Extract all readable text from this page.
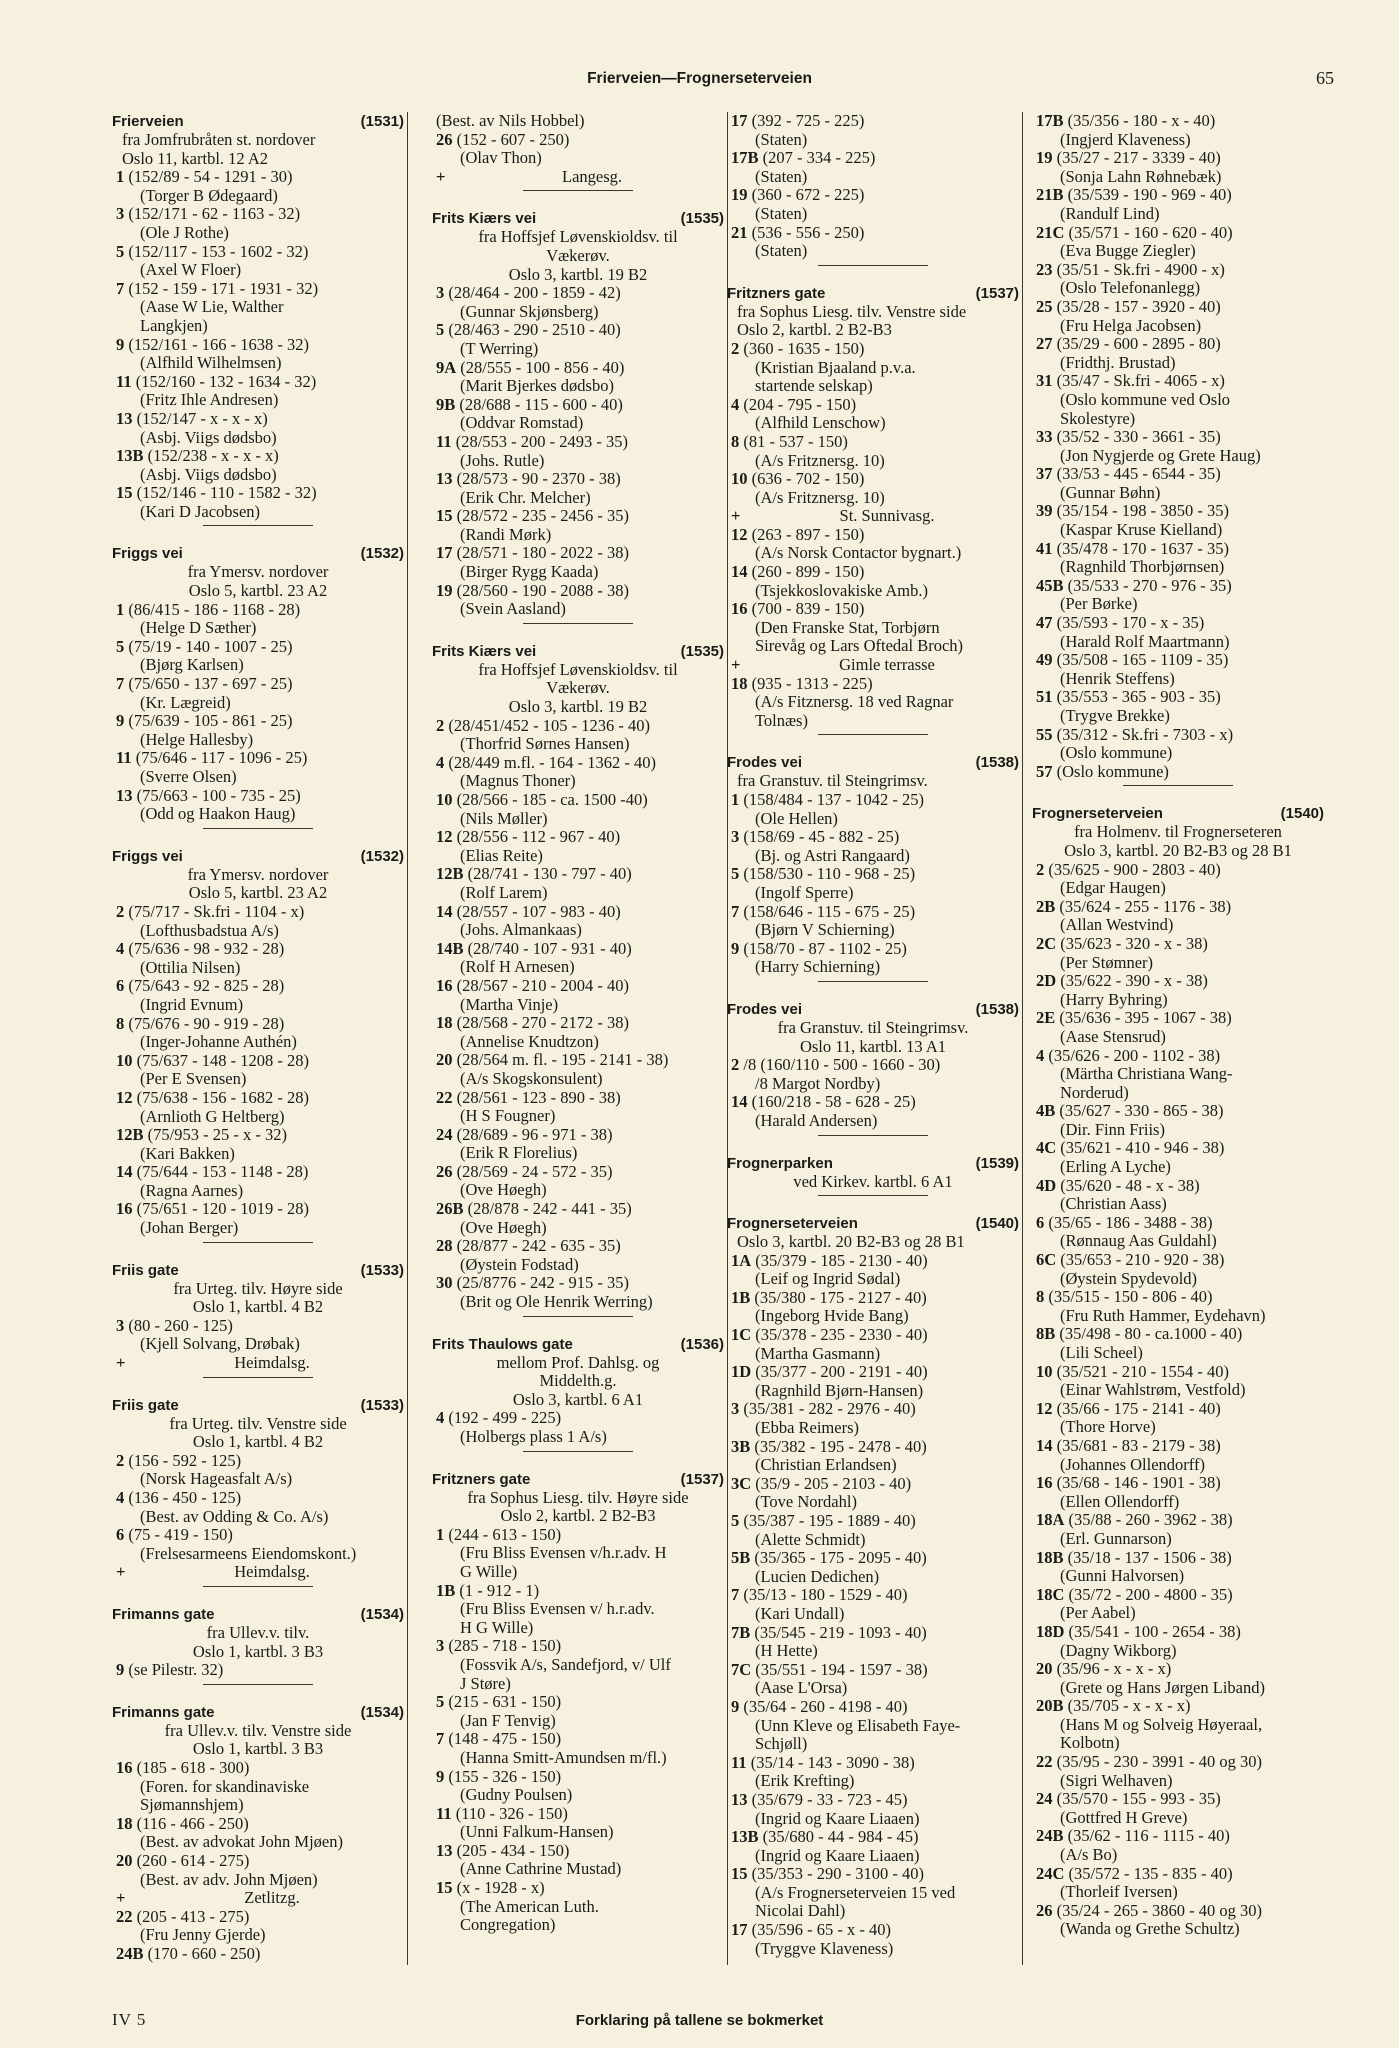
Frierveien—Frognerseterveien	65
Frierveien	(1531)
fra Jomfrubråten st. nordover
Oslo 11, kartbl. 12 A2
1 (152/89 - 54 - 1291 - 30)
(Torger B Ødegaard)
3 (152/171 - 62 - 1163 - 32)
(Ole J Rothe)
5 (152/117 - 153 - 1602 - 32)
(Axel W Floer)
7 (152 - 159 - 171 - 1931 - 32)
(Aase W Lie, Walther
Langkjen)
9 (152/161 - 166 - 1638 - 32)
(Alfhild Wilhelmsen)
11 (152/160 - 132 - 1634 - 32)
(Fritz Ihle Andresen)
13 (152/147 - x - x - x)
(Asbj. Viigs dødsbo)
13B (152/238 - x - x - x)
(Asbj. Viigs dødsbo)
15 (152/146 - 110 - 1582 - 32)
(Kari D Jacobsen)
Friggs vei	(1532)
fra Ymersv. nordover
Oslo 5, kartbl. 23 A2
1 (86/415 - 186 - 1168 - 28)
(Helge D Sæther)
5 (75/19 - 140 - 1007 - 25)
(Bjørg Karlsen)
7 (75/650 - 137 - 697 - 25)
(Kr. Lægreid)
9 (75/639 - 105 - 861 - 25)
(Helge Hallesby)
11 (75/646 - 117 - 1096 - 25)
(Sverre Olsen)
13 (75/663 - 100 - 735 - 25)
(Odd og Haakon Haug)
Friggs vei	(1532)
fra Ymersv. nordover
Oslo 5, kartbl. 23 A2
2 (75/717 - Sk.fri - 1104 - x)
(Lofthusbadstua A/s)
4 (75/636 - 98 - 932 - 28)
(Ottilia Nilsen)
6 (75/643 - 92 - 825 - 28)
(Ingrid Evnum)
8 (75/676 - 90 - 919 - 28)
(Inger-Johanne Authén)
10 (75/637 - 148 - 1208 - 28)
(Per E Svensen)
12 (75/638 - 156 - 1682 - 28)
(Arnlioth G Heltberg)
12B (75/953 - 25 - x - 32)
(Kari Bakken)
14 (75/644 - 153 - 1148 - 28)
(Ragna Aarnes)
16 (75/651 - 120 - 1019 - 28)
(Johan Berger)
Friis gate	(1533)
fra Urteg. tilv. Høyre side
Oslo 1, kartbl. 4 B2
3 (80 - 260 - 125)
(Kjell Solvang, Drøbak)
+	Heimdalsg.
Friis gate	(1533)
fra Urteg. tilv. Venstre side
Oslo 1, kartbl. 4 B2
2 (156 - 592 - 125)
(Norsk Hageasfalt A/s)
4 (136 - 450 - 125)
(Best. av Odding & Co. A/s)
6 (75 - 419 - 150)
(Frelsesarmeens Eiendomskont.)
+	Heimdalsg.
Frimanns gate	(1534)
fra Ullev.v. tilv.
Oslo 1, kartbl. 3 B3
9 (se Pilestr. 32)
Frimanns gate	(1534)
fra Ullev.v. tilv. Venstre side
Oslo 1, kartbl. 3 B3
16 (185 - 618 - 300)
(Foren. for skandinaviske
Sjømannshjem)
18 (116 - 466 - 250)
(Best. av advokat John Mjøen)
20 (260 - 614 - 275)
(Best. av adv. John Mjøen)
+	Zetlitzg.
22 (205 - 413 - 275)
(Fru Jenny Gjerde)
24B (170 - 660 - 250)
(Best. av Nils Hobbel)
26 (152 - 607 - 250)
(Olav Thon)
+	Langesg.
Frits Kiærs vei	(1535)
fra Hoffsjef Løvenskioldsv. til
Vækerøv.
Oslo 3, kartbl. 19 B2
3 (28/464 - 200 - 1859 - 42)
(Gunnar Skjønsberg)
5 (28/463 - 290 - 2510 - 40)
(T Werring)
9A (28/555 - 100 - 856 - 40)
(Marit Bjerkes dødsbo)
9B (28/688 - 115 - 600 - 40)
(Oddvar Romstad)
11 (28/553 - 200 - 2493 - 35)
(Johs. Rutle)
13 (28/573 - 90 - 2370 - 38)
(Erik Chr. Melcher)
15 (28/572 - 235 - 2456 - 35)
(Randi Mørk)
17 (28/571 - 180 - 2022 - 38)
(Birger Rygg Kaada)
19 (28/560 - 190 - 2088 - 38)
(Svein Aasland)
Frits Kiærs vei	(1535)
fra Hoffsjef Løvenskioldsv. til
Vækerøv.
Oslo 3, kartbl. 19 B2
2 (28/451/452 - 105 - 1236 - 40)
(Thorfrid Sørnes Hansen)
4 (28/449 m.fl. - 164 - 1362 - 40)
(Magnus Thoner)
10 (28/566 - 185 - ca. 1500 -40)
(Nils Møller)
12 (28/556 - 112 - 967 - 40)
(Elias Reite)
12B (28/741 - 130 - 797 - 40)
(Rolf Larem)
14 (28/557 - 107 - 983 - 40)
(Johs. Almankaas)
14B (28/740 - 107 - 931 - 40)
(Rolf H Arnesen)
16 (28/567 - 210 - 2004 - 40)
(Martha Vinje)
18 (28/568 - 270 - 2172 - 38)
(Annelise Knudtzon)
20 (28/564 m. fl. - 195 - 2141 - 38)
(A/s Skogskonsulent)
22 (28/561 - 123 - 890 - 38)
(H S Fougner)
24 (28/689 - 96 - 971 - 38)
(Erik R Florelius)
26 (28/569 - 24 - 572 - 35)
(Ove Høegh)
26B (28/878 - 242 - 441 - 35)
(Ove Høegh)
28 (28/877 - 242 - 635 - 35)
(Øystein Fodstad)
30 (25/8776 - 242 - 915 - 35)
(Brit og Ole Henrik Werring)
Frits Thaulows gate	(1536)
mellom Prof. Dahlsg. og
Middelth.g.
Oslo 3, kartbl. 6 A1
4 (192 - 499 - 225)
(Holbergs plass 1 A/s)
Fritzners gate	(1537)
fra Sophus Liesg. tilv. Høyre side
Oslo 2, kartbl. 2 B2-B3
1 (244 - 613 - 150)
(Fru Bliss Evensen v/h.r.adv. H
G Wille)
1B (1 - 912 - 1)
(Fru Bliss Evensen v/ h.r.adv.
H G Wille)
3 (285 - 718 - 150)
(Fossvik A/s, Sandefjord, v/ Ulf
J Støre)
5 (215 - 631 - 150)
(Jan F Tenvig)
7 (148 - 475 - 150)
(Hanna Smitt-Amundsen m/fl.)
9 (155 - 326 - 150)
(Gudny Poulsen)
11 (110 - 326 - 150)
(Unni Falkum-Hansen)
13 (205 - 434 - 150)
(Anne Cathrine Mustad)
15 (x - 1928 - x)
(The American Luth.
Congregation)
17 (392 - 725 - 225)
(Staten)
17B (207 - 334 - 225)
(Staten)
19 (360 - 672 - 225)
(Staten)
21 (536 - 556 - 250)
(Staten)
Fritzners gate	(1537)
fra Sophus Liesg. tilv. Venstre side
Oslo 2, kartbl. 2 B2-B3
2 (360 - 1635 - 150)
(Kristian Bjaaland p.v.a.
startende selskap)
4 (204 - 795 - 150)
(Alfhild Lenschow)
8 (81 - 537 - 150)
(A/s Fritznersg. 10)
10 (636 - 702 - 150)
(A/s Fritznersg. 10)
+	St. Sunnivasg.
12 (263 - 897 - 150)
(A/s Norsk Contactor bygnart.)
14 (260 - 899 - 150)
(Tsjekkoslovakiske Amb.)
16 (700 - 839 - 150)
(Den Franske Stat, Torbjørn
Sirevåg og Lars Oftedal Broch)
+	Gimle terrasse
18 (935 - 1313 - 225)
(A/s Fitznersg. 18 ved Ragnar
Tolnæs)
Frodes vei	(1538)
fra Granstuv. til Steingrimsv.
1 (158/484 - 137 - 1042 - 25)
(Ole Hellen)
3 (158/69 - 45 - 882 - 25)
(Bj. og Astri Rangaard)
5 (158/530 - 110 - 968 - 25)
(Ingolf Sperre)
7 (158/646 - 115 - 675 - 25)
(Bjørn V Schierning)
9 (158/70 - 87 - 1102 - 25)
(Harry Schierning)
Frodes vei	(1538)
fra Granstuv. til Steingrimsv.
Oslo 11, kartbl. 13 A1
2 /8 (160/110 - 500 - 1660 - 30)
/8 Margot Nordby)
14 (160/218 - 58 - 628 - 25)
(Harald Andersen)
Frognerparken	(1539)
ved Kirkev. kartbl. 6 A1
Frognerseterveien	(1540)
Oslo 3, kartbl. 20 B2-B3 og 28 B1
1A (35/379 - 185 - 2130 - 40)
(Leif og Ingrid Sødal)
1B (35/380 - 175 - 2127 - 40)
(Ingeborg Hvide Bang)
1C (35/378 - 235 - 2330 - 40)
(Martha Gasmann)
1D (35/377 - 200 - 2191 - 40)
(Ragnhild Bjørn-Hansen)
3 (35/381 - 282 - 2976 - 40)
(Ebba Reimers)
3B (35/382 - 195 - 2478 - 40)
(Christian Erlandsen)
3C (35/9 - 205 - 2103 - 40)
(Tove Nordahl)
5 (35/387 - 195 - 1889 - 40)
(Alette Schmidt)
5B (35/365 - 175 - 2095 - 40)
(Lucien Dedichen)
7 (35/13 - 180 - 1529 - 40)
(Kari Undall)
7B (35/545 - 219 - 1093 - 40)
(H Hette)
7C (35/551 - 194 - 1597 - 38)
(Aase L'Orsa)
9 (35/64 - 260 - 4198 - 40)
(Unn Kleve og Elisabeth Faye-
Schjøll)
11 (35/14 - 143 - 3090 - 38)
(Erik Krefting)
13 (35/679 - 33 - 723 - 45)
(Ingrid og Kaare Liaaen)
13B (35/680 - 44 - 984 - 45)
(Ingrid og Kaare Liaaen)
15 (35/353 - 290 - 3100 - 40)
(A/s Frognerseterveien 15 ved
Nicolai Dahl)
17 (35/596 - 65 - x - 40)
(Tryggve Klaveness)
17B (35/356 - 180 - x - 40)
(Ingjerd Klaveness)
19 (35/27 - 217 - 3339 - 40)
(Sonja Lahn Røhnebæk)
21B (35/539 - 190 - 969 - 40)
(Randulf Lind)
21C (35/571 - 160 - 620 - 40)
(Eva Bugge Ziegler)
23 (35/51 - Sk.fri - 4900 - x)
(Oslo Telefonanlegg)
25 (35/28 - 157 - 3920 - 40)
(Fru Helga Jacobsen)
27 (35/29 - 600 - 2895 - 80)
(Fridthj. Brustad)
31 (35/47 - Sk.fri - 4065 - x)
(Oslo kommune ved Oslo
Skolestyre)
33 (35/52 - 330 - 3661 - 35)
(Jon Nygjerde og Grete Haug)
37 (33/53 - 445 - 6544 - 35)
(Gunnar Bøhn)
39 (35/154 - 198 - 3850 - 35)
(Kaspar Kruse Kielland)
41 (35/478 - 170 - 1637 - 35)
(Ragnhild Thorbjørnsen)
45B (35/533 - 270 - 976 - 35)
(Per Børke)
47 (35/593 - 170 - x - 35)
(Harald Rolf Maartmann)
49 (35/508 - 165 - 1109 - 35)
(Henrik Steffens)
51 (35/553 - 365 - 903 - 35)
(Trygve Brekke)
55 (35/312 - Sk.fri - 7303 - x)
(Oslo kommune)
57 (Oslo kommune)
Frognerseterveien	(1540)
fra Holmenv. til Frognerseteren
Oslo 3, kartbl. 20 B2-B3 og 28 B1
2 (35/625 - 900 - 2803 - 40)
(Edgar Haugen)
2B (35/624 - 255 - 1176 - 38)
(Allan Westvind)
2C (35/623 - 320 - x - 38)
(Per Stømner)
2D (35/622 - 390 - x - 38)
(Harry Byhring)
2E (35/636 - 395 - 1067 - 38)
(Aase Stensrud)
4 (35/626 - 200 - 1102 - 38)
(Märtha Christiana Wang-
Norderud)
4B (35/627 - 330 - 865 - 38)
(Dir. Finn Friis)
4C (35/621 - 410 - 946 - 38)
(Erling A Lyche)
4D (35/620 - 48 - x - 38)
(Christian Aass)
6 (35/65 - 186 - 3488 - 38)
(Rønnaug Aas Guldahl)
6C (35/653 - 210 - 920 - 38)
(Øystein Spydevold)
8 (35/515 - 150 - 806 - 40)
(Fru Ruth Hammer, Eydehavn)
8B (35/498 - 80 - ca.1000 - 40)
(Lili Scheel)
10 (35/521 - 210 - 1554 - 40)
(Einar Wahlstrøm, Vestfold)
12 (35/66 - 175 - 2141 - 40)
(Thore Horve)
14 (35/681 - 83 - 2179 - 38)
(Johannes Ollendorff)
16 (35/68 - 146 - 1901 - 38)
(Ellen Ollendorff)
18A (35/88 - 260 - 3962 - 38)
(Erl. Gunnarson)
18B (35/18 - 137 - 1506 - 38)
(Gunni Halvorsen)
18C (35/72 - 200 - 4800 - 35)
(Per Aabel)
18D (35/541 - 100 - 2654 - 38)
(Dagny Wikborg)
20 (35/96 - x - x - x)
(Grete og Hans Jørgen Liband)
20B (35/705 - x - x - x)
(Hans M og Solveig Høyeraal,
Kolbotn)
22 (35/95 - 230 - 3991 - 40 og 30)
(Sigri Welhaven)
24 (35/570 - 155 - 993 - 35)
(Gottfred H Greve)
24B (35/62 - 116 - 1115 - 40)
(A/s Bo)
24C (35/572 - 135 - 835 - 40)
(Thorleif Iversen)
26 (35/24 - 265 - 3860 - 40 og 30)
(Wanda og Grethe Schultz)
IV 5	Forklaring på tallene se bokmerket
